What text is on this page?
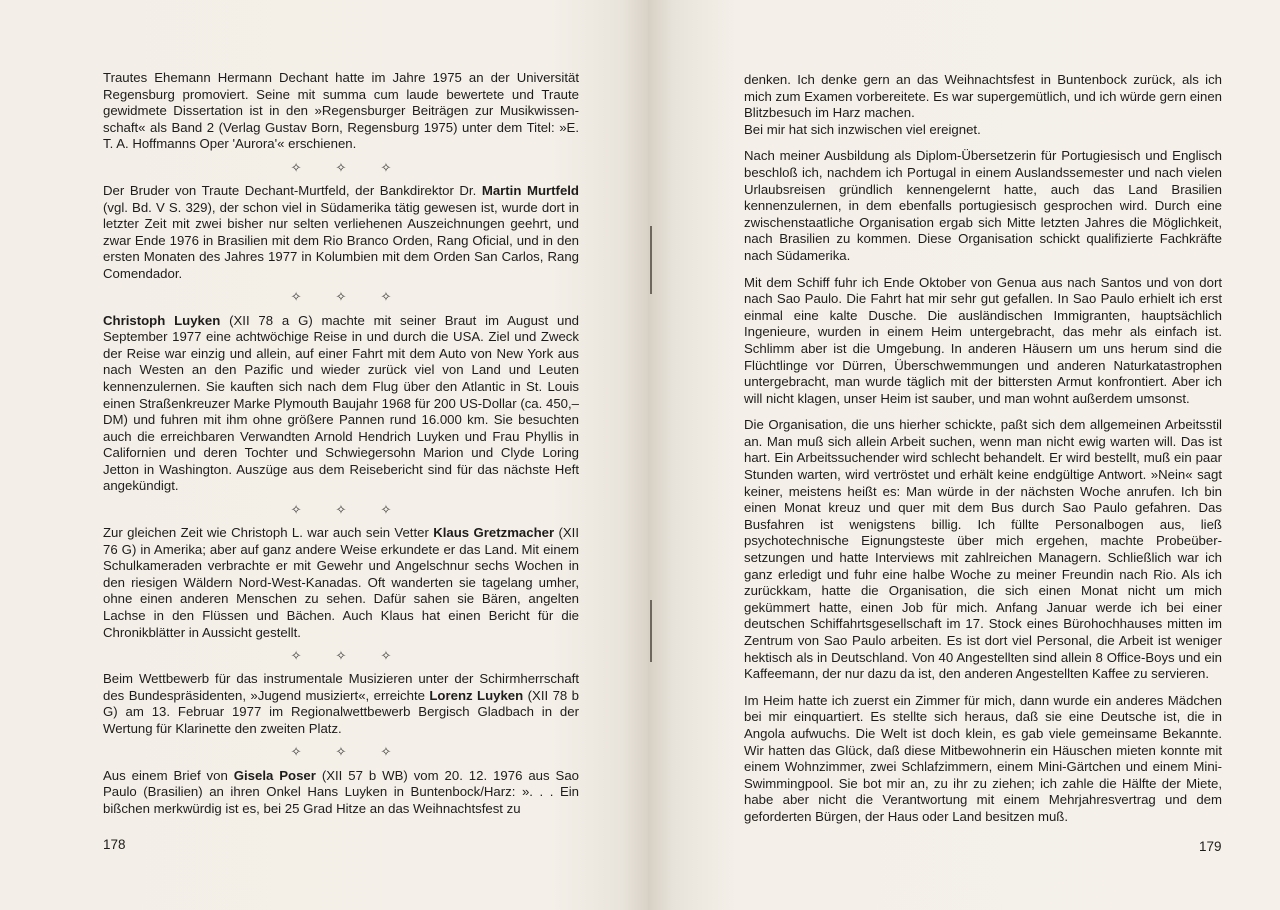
Trautes Ehemann Hermann Dechant hatte im Jahre 1975 an der Universität Regensburg promoviert. Seine mit summa cum laude bewertete und Traute gewidmete Dissertation ist in den »Regensburger Beiträgen zur Musikwissenschaft« als Band 2 (Verlag Gustav Born, Regensburg 1975) unter dem Titel: »E. T. A. Hoffmanns Oper 'Aurora'« erschienen.

✧	✧	✧

Der Bruder von Traute Dechant-Murtfeld, der Bankdirektor Dr. Martin Murtfeld (vgl. Bd. V S. 329), der schon viel in Südamerika tätig gewesen ist, wurde dort in letzter Zeit mit zwei bisher nur selten verliehenen Auszeichnungen geehrt, und zwar Ende 1976 in Brasilien mit dem Rio Branco Orden, Rang Oficial, und in den ersten Monaten des Jahres 1977 in Kolumbien mit dem Orden San Carlos, Rang Comendador.

✧	✧	✧

Christoph Luyken (XII 78 a G) machte mit seiner Braut im August und September 1977 eine achtwöchige Reise in und durch die USA. Ziel und Zweck der Reise war einzig und allein, auf einer Fahrt mit dem Auto von New York aus nach Westen an den Pazific und wieder zurück viel von Land und Leuten kennenzulernen. Sie kauften sich nach dem Flug über den Atlantic in St. Louis einen Straßenkreuzer Marke Plymouth Baujahr 1968 für 200 US-Dollar (ca. 450,– DM) und fuhren mit ihm ohne größere Pannen rund 16.000 km. Sie besuchten auch die erreichbaren Verwandten Arnold Hendrich Luyken und Frau Phyllis in Californien und deren Tochter und Schwiegersohn Marion und Clyde Loring Jetton in Washington. Auszüge aus dem Reisebericht sind für das nächste Heft angekündigt.

✧	✧	✧

Zur gleichen Zeit wie Christoph L. war auch sein Vetter Klaus Gretzmacher (XII 76 G) in Amerika; aber auf ganz andere Weise erkundete er das Land. Mit einem Schulkameraden verbrachte er mit Gewehr und Angelschnur sechs Wochen in den riesigen Wäldern Nord-West-Kanadas. Oft wanderten sie tagelang umher, ohne einen anderen Menschen zu sehen. Dafür sahen sie Bären, angelten Lachse in den Flüssen und Bächen. Auch Klaus hat einen Bericht für die Chronikblätter in Aussicht gestellt.

✧	✧	✧

Beim Wettbewerb für das instrumentale Musizieren unter der Schirmherrschaft des Bundespräsidenten, »Jugend musiziert«, erreichte Lorenz Luyken (XII 78 b G) am 13. Februar 1977 im Regionalwettbewerb Bergisch Gladbach in der Wertung für Klarinette den zweiten Platz.

✧	✧	✧

Aus einem Brief von Gisela Poser (XII 57 b WB) vom 20. 12. 1976 aus Sao Paulo (Brasilien) an ihren Onkel Hans Luyken in Buntenbock/Harz: ». . . Ein bißchen merkwürdig ist es, bei 25 Grad Hitze an das Weihnachtsfest zu

178

denken. Ich denke gern an das Weihnachtsfest in Buntenbock zurück, als ich mich zum Examen vorbereitete. Es war supergemütlich, und ich würde gern einen Blitzbesuch im Harz machen.

Bei mir hat sich inzwischen viel ereignet.

Nach meiner Ausbildung als Diplom-Übersetzerin für Portugiesisch und Englisch beschloß ich, nachdem ich Portugal in einem Auslandssemester und nach vielen Urlaubsreisen gründlich kennengelernt hatte, auch das Land Brasilien kennenzulernen, in dem ebenfalls portugiesisch gesprochen wird. Durch eine zwischenstaatliche Organisation ergab sich Mitte letzten Jahres die Möglichkeit, nach Brasilien zu kommen. Diese Organisation schickt qualifizierte Fachkräfte nach Südamerika.

Mit dem Schiff fuhr ich Ende Oktober von Genua aus nach Santos und von dort nach Sao Paulo. Die Fahrt hat mir sehr gut gefallen. In Sao Paulo erhielt ich erst einmal eine kalte Dusche. Die ausländischen Immigranten, hauptsächlich Ingenieure, wurden in einem Heim untergebracht, das mehr als einfach ist. Schlimm aber ist die Umgebung. In anderen Häusern um uns herum sind die Flüchtlinge vor Dürren, Überschwemmungen und anderen Naturkatastrophen untergebracht, man wurde täglich mit der bittersten Armut konfrontiert. Aber ich will nicht klagen, unser Heim ist sauber, und man wohnt außerdem umsonst.

Die Organisation, die uns hierher schickte, paßt sich dem allgemeinen Arbeitsstil an. Man muß sich allein Arbeit suchen, wenn man nicht ewig warten will. Das ist hart. Ein Arbeitssuchender wird schlecht behandelt. Er wird bestellt, muß ein paar Stunden warten, wird vertröstet und erhält keine endgültige Antwort. »Nein« sagt keiner, meistens heißt es: Man würde in der nächsten Woche anrufen. Ich bin einen Monat kreuz und quer mit dem Bus durch Sao Paulo gefahren. Das Busfahren ist wenigstens billig. Ich füllte Personalbogen aus, ließ psychotechnische Eignungsteste über mich ergehen, machte Probeübersetzungen und hatte Interviews mit zahlreichen Managern. Schließlich war ich ganz erledigt und fuhr eine halbe Woche zu meiner Freundin nach Rio. Als ich zurückkam, hatte die Organisation, die sich einen Monat nicht um mich gekümmert hatte, einen Job für mich. Anfang Januar werde ich bei einer deutschen Schiffahrtsgesellschaft im 17. Stock eines Bürohochhauses mitten im Zentrum von Sao Paulo arbeiten. Es ist dort viel Personal, die Arbeit ist weniger hektisch als in Deutschland. Von 40 Angestellten sind allein 8 Office-Boys und ein Kaffeemann, der nur dazu da ist, den anderen Angestellten Kaffee zu servieren.

Im Heim hatte ich zuerst ein Zimmer für mich, dann wurde ein anderes Mädchen bei mir einquartiert. Es stellte sich heraus, daß sie eine Deutsche ist, die in Angola aufwuchs. Die Welt ist doch klein, es gab viele gemeinsame Bekannte. Wir hatten das Glück, daß diese Mitbewohnerin ein Häuschen mieten konnte mit einem Wohnzimmer, zwei Schlafzimmern, einem Mini-Gärtchen und einem Mini-Swimmingpool. Sie bot mir an, zu ihr zu ziehen; ich zahle die Hälfte der Miete, habe aber nicht die Verantwortung mit einem Mehrjahresvertrag und dem geforderten Bürgen, der Haus oder Land besitzen muß.

179
